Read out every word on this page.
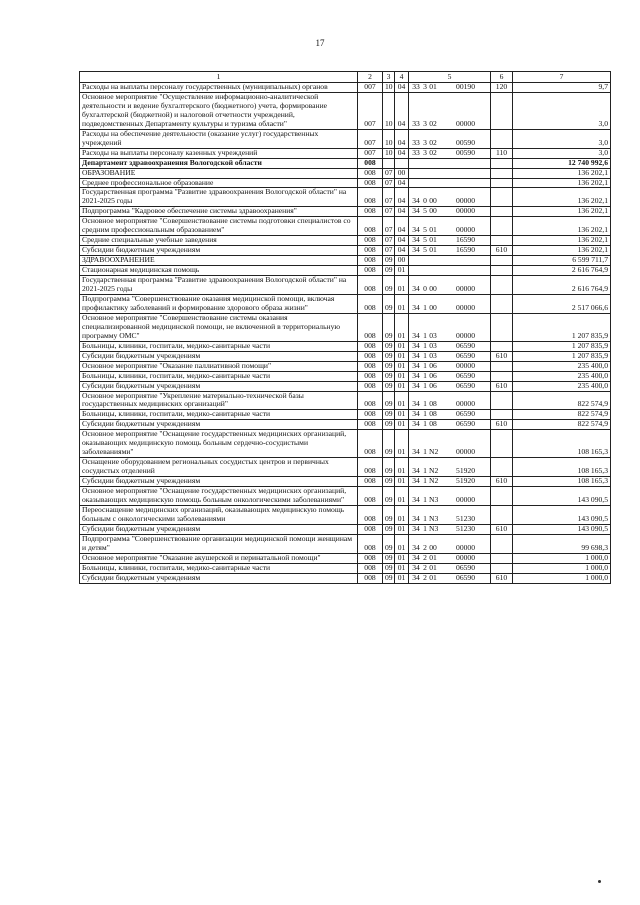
17
1	2	3	4	5	6	7
Расходы на выплаты персоналу государственных (муниципальных) органов	007	10	04	33 3 01 00190	120	9,7
Основное мероприятие "Осуществление информационно-аналитической деятельности и ведение бухгалтерского (бюджетного) учета, формирование бухгалтерской (бюджетной) и налоговой отчетности учреждений, подведомственных Департаменту культуры и туризма области"	007	10	04	33 3 02 00000		3,0
Расходы на обеспечение деятельности (оказание услуг) государственных учреждений	007	10	04	33 3 02 00590		3,0
Расходы на выплаты персоналу казенных учреждений	007	10	04	33 3 02 00590	110	3,0
Департамент здравоохранения Вологодской области	008					12 740 992,6
ОБРАЗОВАНИЕ	008	07	00			136 202,1
Среднее профессиональное образование	008	07	04			136 202,1
Государственная программа "Развитие здравоохранения Вологодской области" на 2021-2025 годы	008	07	04	34 0 00 00000		136 202,1
Подпрограмма "Кадровое обеспечение системы здравоохранения"	008	07	04	34 5 00 00000		136 202,1
Основное мероприятие "Совершенствование системы подготовки специалистов со средним профессиональным образованием"	008	07	04	34 5 01 00000		136 202,1
Средние специальные учебные заведения	008	07	04	34 5 01 16590		136 202,1
Субсидии бюджетным учреждениям	008	07	04	34 5 01 16590	610	136 202,1
ЗДРАВООХРАНЕНИЕ	008	09	00			6 599 711,7
Стационарная медицинская помощь	008	09	01			2 616 764,9
Государственная программа "Развитие здравоохранения Вологодской области" на 2021-2025 годы	008	09	01	34 0 00 00000		2 616 764,9
Подпрограмма "Совершенствование оказания медицинской помощи, включая профилактику заболеваний и формирование здорового образа жизни"	008	09	01	34 1 00 00000		2 517 066,6
Основное мероприятие "Совершенствование системы оказания специализированной медицинской помощи, не включенной в территориальную программу ОМС"	008	09	01	34 1 03 00000		1 207 835,9
Больницы, клиники, госпитали, медико-санитарные части	008	09	01	34 1 03 06590		1 207 835,9
Субсидии бюджетным учреждениям	008	09	01	34 1 03 06590	610	1 207 835,9
Основное мероприятие "Оказание паллиативной помощи"	008	09	01	34 1 06 00000		235 400,0
Больницы, клиники, госпитали, медико-санитарные части	008	09	01	34 1 06 06590		235 400,0
Субсидии бюджетным учреждениям	008	09	01	34 1 06 06590	610	235 400,0
Основное мероприятие "Укрепление материально-технической базы государственных медицинских организаций"	008	09	01	34 1 08 00000		822 574,9
Больницы, клиники, госпитали, медико-санитарные части	008	09	01	34 1 08 06590		822 574,9
Субсидии бюджетным учреждениям	008	09	01	34 1 08 06590	610	822 574,9
Основное мероприятие "Оснащение государственных медицинских организаций, оказывающих медицинскую помощь больным сердечно-сосудистыми заболеваниями"	008	09	01	34 1 N2 00000		108 165,3
Оснащение оборудованием региональных сосудистых центров и первичных сосудистых отделений	008	09	01	34 1 N2 51920		108 165,3
Субсидии бюджетным учреждениям	008	09	01	34 1 N2 51920	610	108 165,3
Основное мероприятие "Оснащение государственных медицинских организаций, оказывающих медицинскую помощь больным онкологическими заболеваниями"	008	09	01	34 1 N3 00000		143 090,5
Переоснащение медицинских организаций, оказывающих медицинскую помощь больным с онкологическими заболеваниями	008	09	01	34 1 N3 51230		143 090,5
Субсидии бюджетным учреждениям	008	09	01	34 1 N3 51230	610	143 090,5
Подпрограмма "Совершенствование организации медицинской помощи женщинам и детям"	008	09	01	34 2 00 00000		99 698,3
Основное мероприятие "Оказание акушерской и перинатальной помощи"	008	09	01	34 2 01 00000		1 000,0
Больницы, клиники, госпитали, медико-санитарные части	008	09	01	34 2 01 06590		1 000,0
Субсидии бюджетным учреждениям	008	09	01	34 2 01 06590	610	1 000,0
